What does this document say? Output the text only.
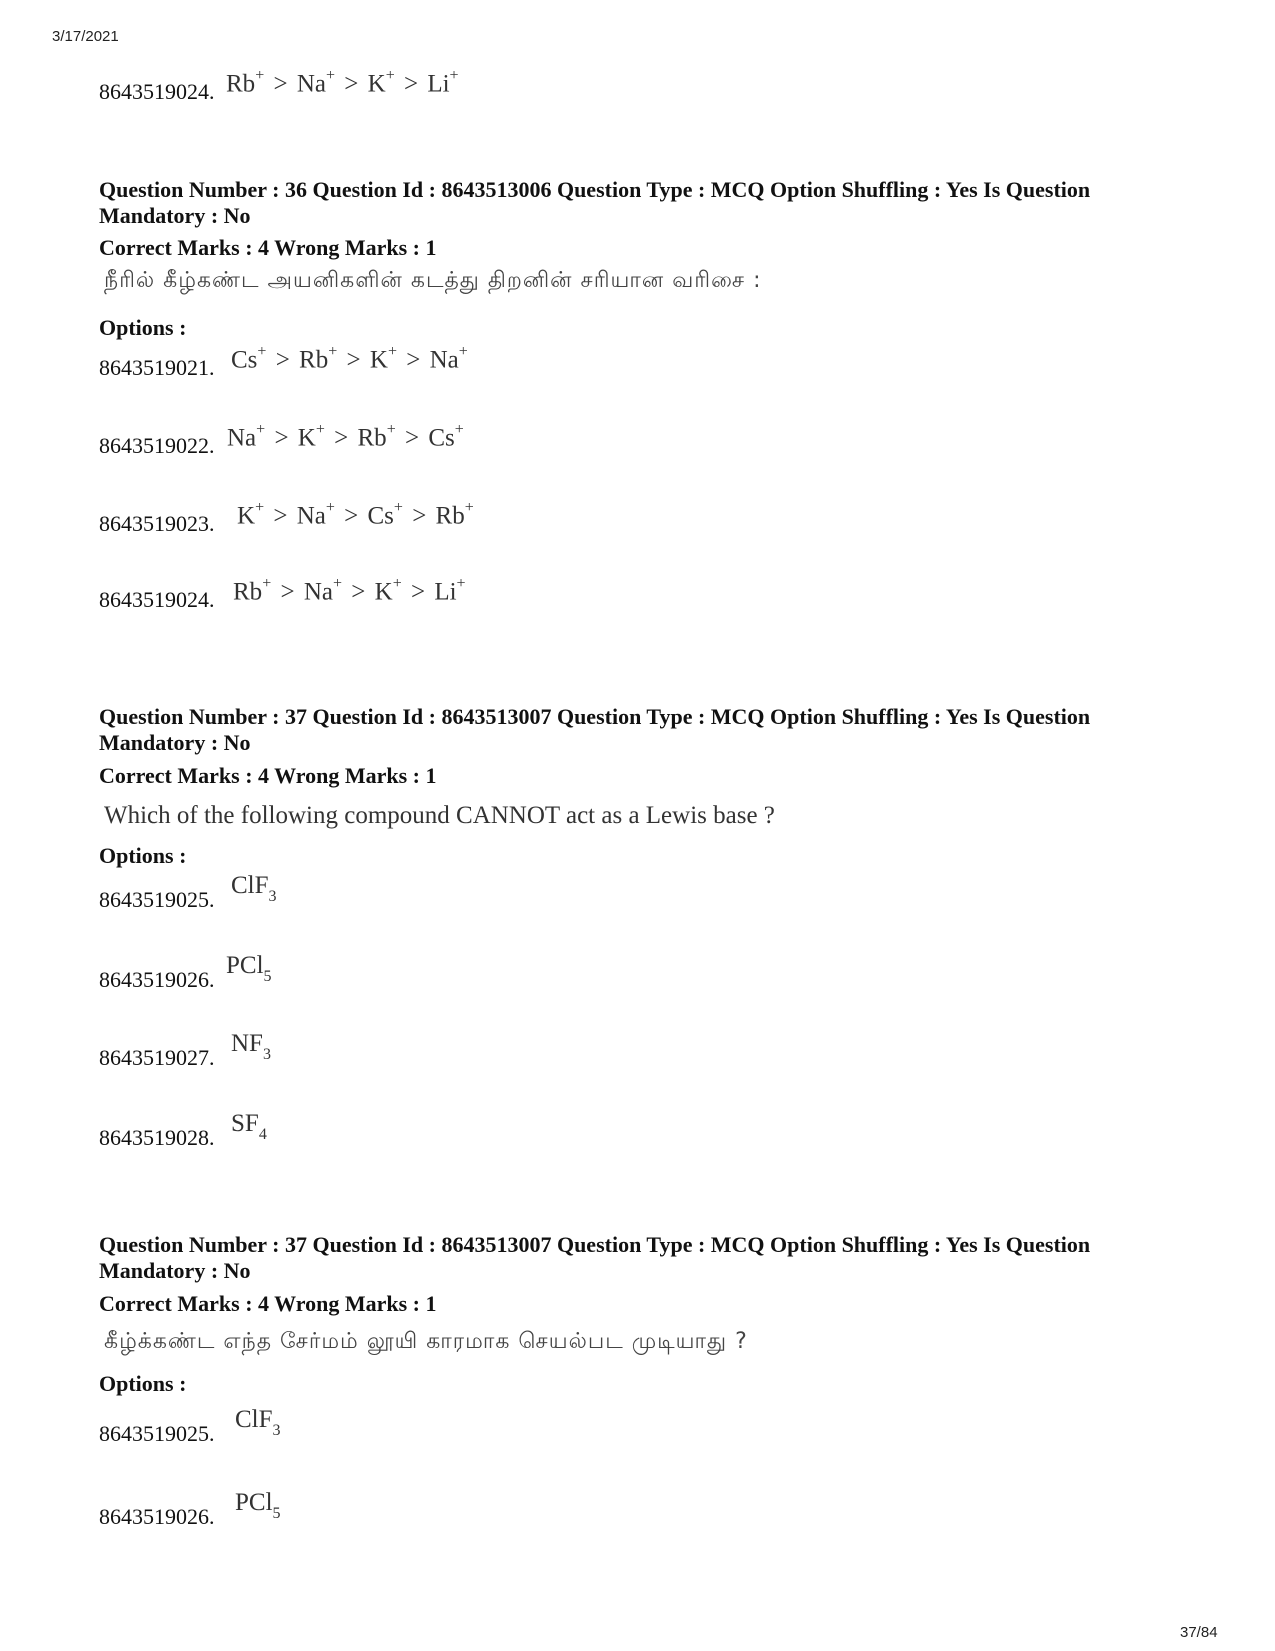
3/17/2021
8643519024. Rb+ > Na+ > K+ > Li+
Question Number : 36 Question Id : 8643513006 Question Type : MCQ Option Shuffling : Yes Is Question Mandatory : No
Correct Marks : 4 Wrong Marks : 1
நீரில் கீழ்கண்ட அயனிகளின் கடத்து திறனின் சரியான வரிசை :
Options :
8643519021. Cs+ > Rb+ > K+ > Na+
8643519022. Na+ > K+ > Rb+ > Cs+
8643519023. K+ > Na+ > Cs+ > Rb+
8643519024. Rb+ > Na+ > K+ > Li+
Question Number : 37 Question Id : 8643513007 Question Type : MCQ Option Shuffling : Yes Is Question Mandatory : No
Correct Marks : 4 Wrong Marks : 1
Which of the following compound CANNOT act as a Lewis base ?
Options :
8643519025.
ClF$_3$
8643519026.
PCl$_5$
8643519027.
$NF_3$
8643519028.
$SF_4$
Question Number : 37 Question Id : 8643513007 Question Type : MCQ Option Shuffling : Yes Is Question Mandatory : No
Correct Marks : 4 Wrong Marks : 1
கீழ்க்கண்ட எந்த சேர்மம் லூயி காரமாக செயல்பட முடியாது ?
Options :
8643519025.
ClF$_3$
8643519026.
PCl$_5$
37/84
